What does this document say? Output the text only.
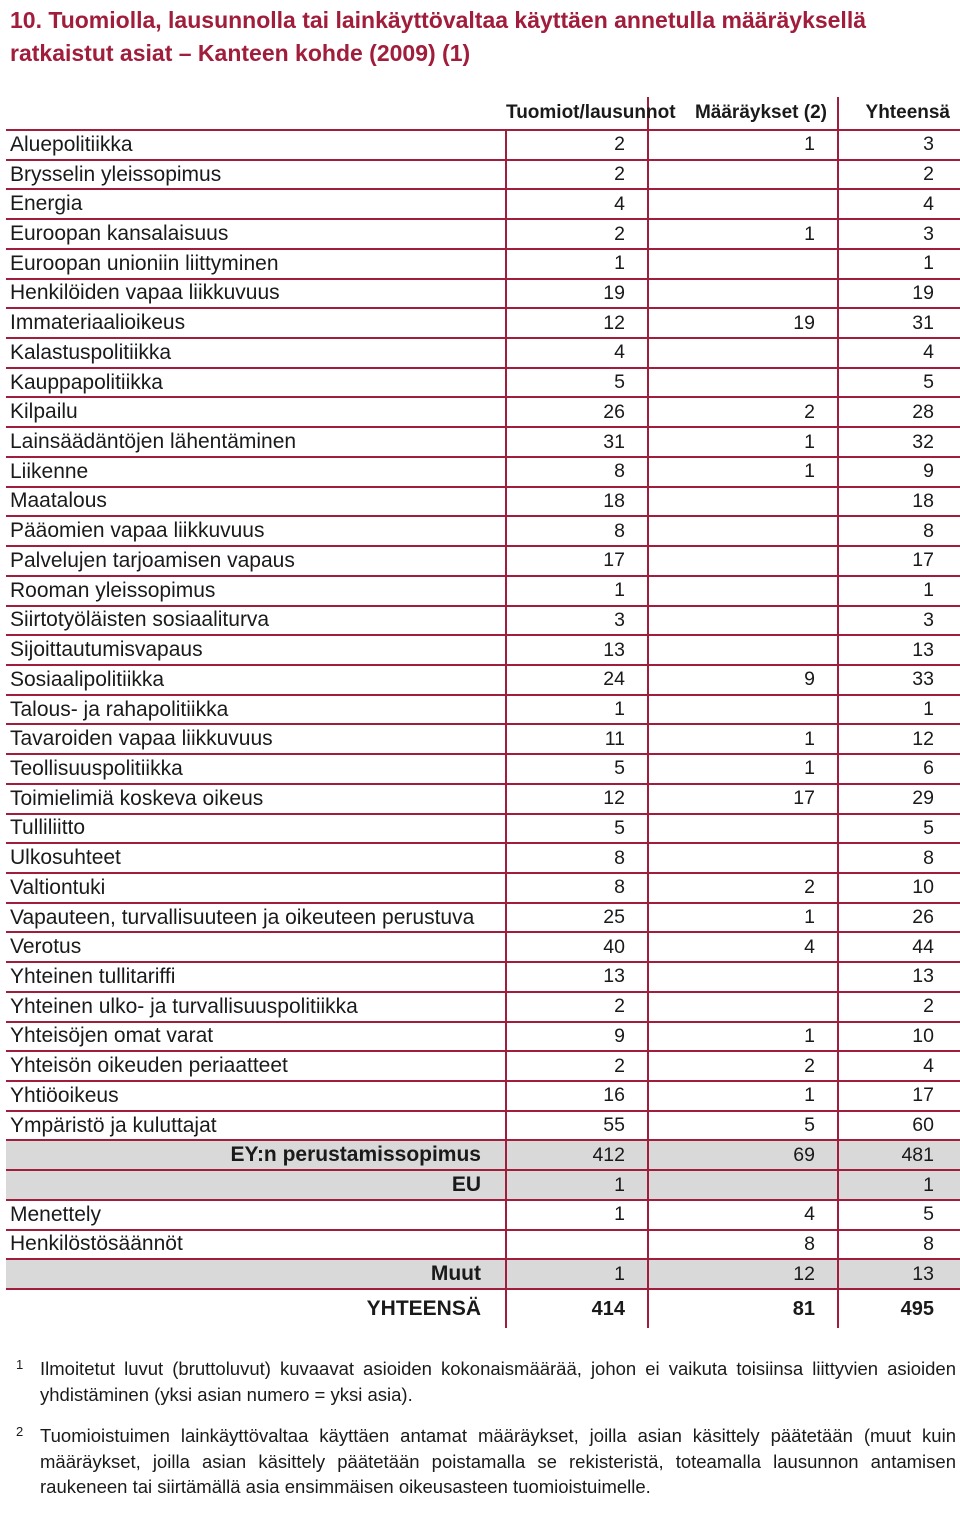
10. Tuomiolla, lausunnolla tai lainkäyttövaltaa käyttäen annetulla määräyksellä ratkaistut asiat – Kanteen kohde (2009) (1)
	Tuomiot/lausunnot	Määräykset (2)	Yhteensä
Aluepolitiikka	2	1	3
Brysselin yleissopimus	2		2
Energia	4		4
Euroopan kansalaisuus	2	1	3
Euroopan unioniin liittyminen	1		1
Henkilöiden vapaa liikkuvuus	19		19
Immateriaalioikeus	12	19	31
Kalastuspolitiikka	4		4
Kauppapolitiikka	5		5
Kilpailu	26	2	28
Lainsäädäntöjen lähentäminen	31	1	32
Liikenne	8	1	9
Maatalous	18		18
Pääomien vapaa liikkuvuus	8		8
Palvelujen tarjoamisen vapaus	17		17
Rooman yleissopimus	1		1
Siirtotyöläisten sosiaaliturva	3		3
Sijoittautumisvapaus	13		13
Sosiaalipolitiikka	24	9	33
Talous- ja rahapolitiikka	1		1
Tavaroiden vapaa liikkuvuus	11	1	12
Teollisuuspolitiikka	5	1	6
Toimielimiä koskeva oikeus	12	17	29
Tulliliitto	5		5
Ulkosuhteet	8		8
Valtiontuki	8	2	10
Vapauteen, turvallisuuteen ja oikeuteen perustuva	25	1	26
Verotus	40	4	44
Yhteinen tullitariffi	13		13
Yhteinen ulko- ja turvallisuuspolitiikka	2		2
Yhteisöjen omat varat	9	1	10
Yhteisön oikeuden periaatteet	2	2	4
Yhtiöoikeus	16	1	17
Ympäristö ja kuluttajat	55	5	60
EY:n perustamissopimus	412	69	481
EU	1		1
Menettely	1	4	5
Henkilöstösäännöt		8	8
Muut	1	12	13
YHTEENSÄ	414	81	495
1 Ilmoitetut luvut (bruttoluvut) kuvaavat asioiden kokonaismäärää, johon ei vaikuta toisiinsa liittyvien asioiden yhdistäminen (yksi asian numero = yksi asia).
2 Tuomioistuimen lainkäyttövaltaa käyttäen antamat määräykset, joilla asian käsittely päätetään (muut kuin määräykset, joilla asian käsittely päätetään poistamalla se rekisteristä, toteamalla lausunnon antamisen raukeneen tai siirtämällä asia ensimmäisen oikeusasteen tuomioistuimelle.
